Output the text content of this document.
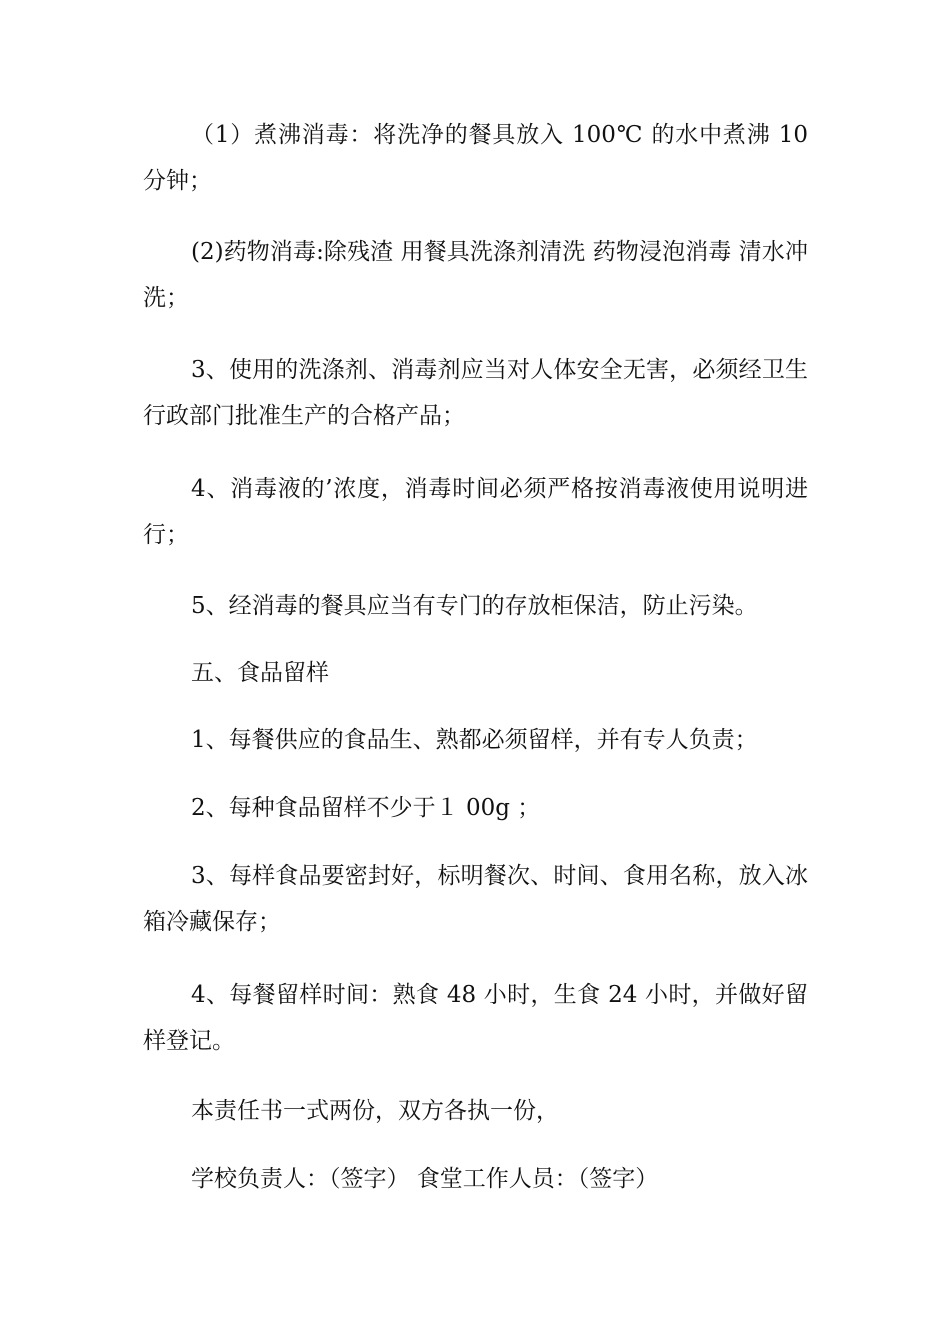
（1）煮沸消毒：将洗净的餐具放入 100℃ 的水中煮沸 10 分钟；

(2)药物消毒:除残渣 用餐具洗涤剂清洗 药物浸泡消毒 清水冲洗；

3、使用的洗涤剂、消毒剂应当对人体安全无害，必须经卫生行政部门批准生产的合格产品；

4、消毒液的’浓度，消毒时间必须严格按消毒液使用说明进行；

5、经消毒的餐具应当有专门的存放柜保洁，防止污染。

五、食品留样

1、每餐供应的食品生、熟都必须留样，并有专人负责；

2、每种食品留样不少于１ 00g ；

3、每样食品要密封好，标明餐次、时间、食用名称，放入冰箱冷藏保存；

4、每餐留样时间：熟食 48 小时，生食 24 小时，并做好留样登记。

本责任书一式两份，双方各执一份，

学校负责人：（签字） 食堂工作人员：（签字）
